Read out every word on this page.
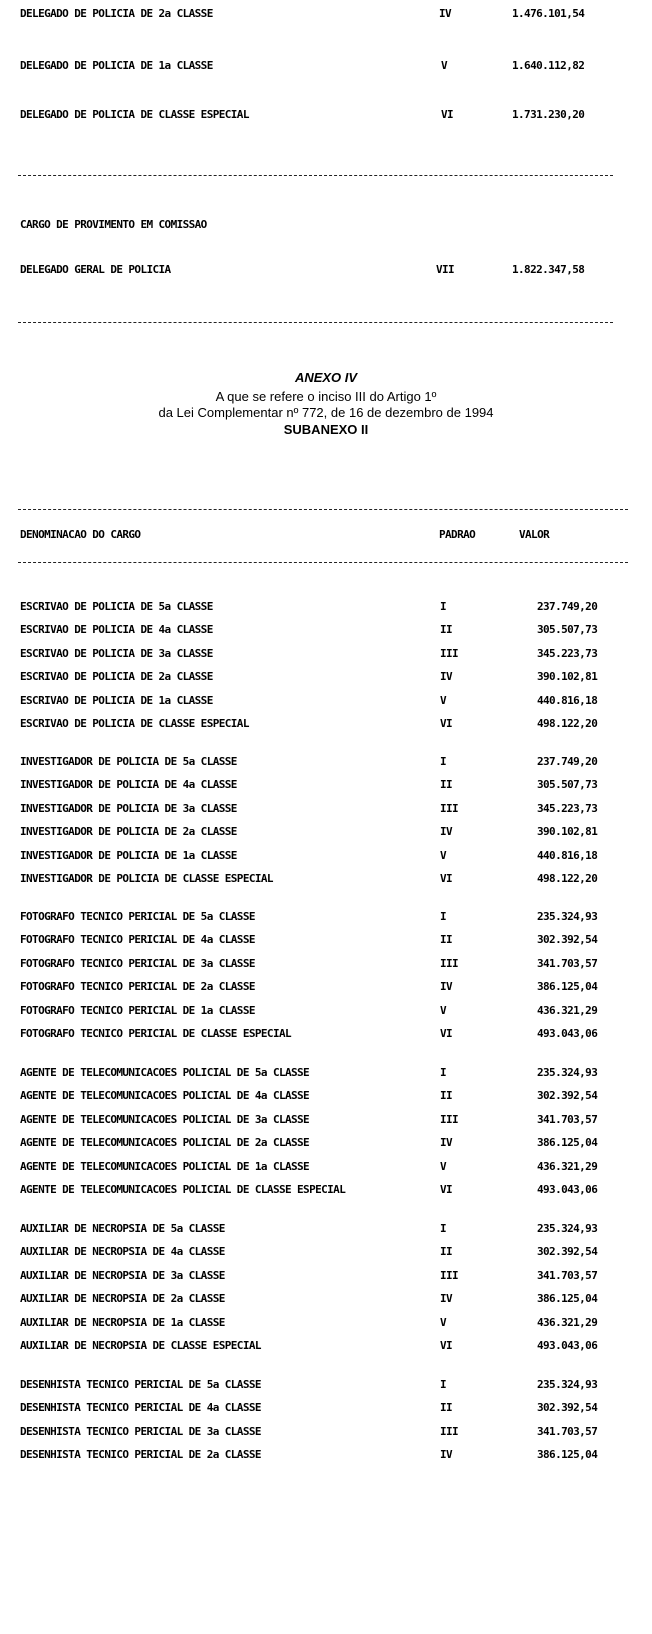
DELEGADO DE POLICIA DE 2a CLASSE	IV	1.476.101,54
DELEGADO DE POLICIA DE 1a CLASSE	V	1.640.112,82
DELEGADO DE POLICIA DE CLASSE ESPECIAL	VI	1.731.230,20
CARGO DE PROVIMENTO EM COMISSAO
DELEGADO GERAL DE POLICIA	VII	1.822.347,58
ANEXO IV
A que se refere o inciso III do Artigo 1º
da Lei Complementar nº 772, de 16 de dezembro de 1994
SUBANEXO II
DENOMINACAO DO CARGO	PADRAO	VALOR
ESCRIVAO DE POLICIA DE 5a CLASSE	I	237.749,20
ESCRIVAO DE POLICIA DE 4a CLASSE	II	305.507,73
ESCRIVAO DE POLICIA DE 3a CLASSE	III	345.223,73
ESCRIVAO DE POLICIA DE 2a CLASSE	IV	390.102,81
ESCRIVAO DE POLICIA DE 1a CLASSE	V	440.816,18
ESCRIVAO DE POLICIA DE CLASSE ESPECIAL	VI	498.122,20
INVESTIGADOR DE POLICIA DE 5a CLASSE	I	237.749,20
INVESTIGADOR DE POLICIA DE 4a CLASSE	II	305.507,73
INVESTIGADOR DE POLICIA DE 3a CLASSE	III	345.223,73
INVESTIGADOR DE POLICIA DE 2a CLASSE	IV	390.102,81
INVESTIGADOR DE POLICIA DE 1a CLASSE	V	440.816,18
INVESTIGADOR DE POLICIA DE CLASSE ESPECIAL	VI	498.122,20
FOTOGRAFO TECNICO PERICIAL DE 5a CLASSE	I	235.324,93
FOTOGRAFO TECNICO PERICIAL DE 4a CLASSE	II	302.392,54
FOTOGRAFO TECNICO PERICIAL DE 3a CLASSE	III	341.703,57
FOTOGRAFO TECNICO PERICIAL DE 2a CLASSE	IV	386.125,04
FOTOGRAFO TECNICO PERICIAL DE 1a CLASSE	V	436.321,29
FOTOGRAFO TECNICO PERICIAL DE CLASSE ESPECIAL	VI	493.043,06
AGENTE DE TELECOMUNICACOES POLICIAL DE 5a CLASSE	I	235.324,93
AGENTE DE TELECOMUNICACOES POLICIAL DE 4a CLASSE	II	302.392,54
AGENTE DE TELECOMUNICACOES POLICIAL DE 3a CLASSE	III	341.703,57
AGENTE DE TELECOMUNICACOES POLICIAL DE 2a CLASSE	IV	386.125,04
AGENTE DE TELECOMUNICACOES POLICIAL DE 1a CLASSE	V	436.321,29
AGENTE DE TELECOMUNICACOES POLICIAL DE CLASSE ESPECIAL	VI	493.043,06
AUXILIAR DE NECROPSIA DE 5a CLASSE	I	235.324,93
AUXILIAR DE NECROPSIA DE 4a CLASSE	II	302.392,54
AUXILIAR DE NECROPSIA DE 3a CLASSE	III	341.703,57
AUXILIAR DE NECROPSIA DE 2a CLASSE	IV	386.125,04
AUXILIAR DE NECROPSIA DE 1a CLASSE	V	436.321,29
AUXILIAR DE NECROPSIA DE CLASSE ESPECIAL	VI	493.043,06
DESENHISTA TECNICO PERICIAL DE 5a CLASSE	I	235.324,93
DESENHISTA TECNICO PERICIAL DE 4a CLASSE	II	302.392,54
DESENHISTA TECNICO PERICIAL DE 3a CLASSE	III	341.703,57
DESENHISTA TECNICO PERICIAL DE 2a CLASSE	IV	386.125,04
